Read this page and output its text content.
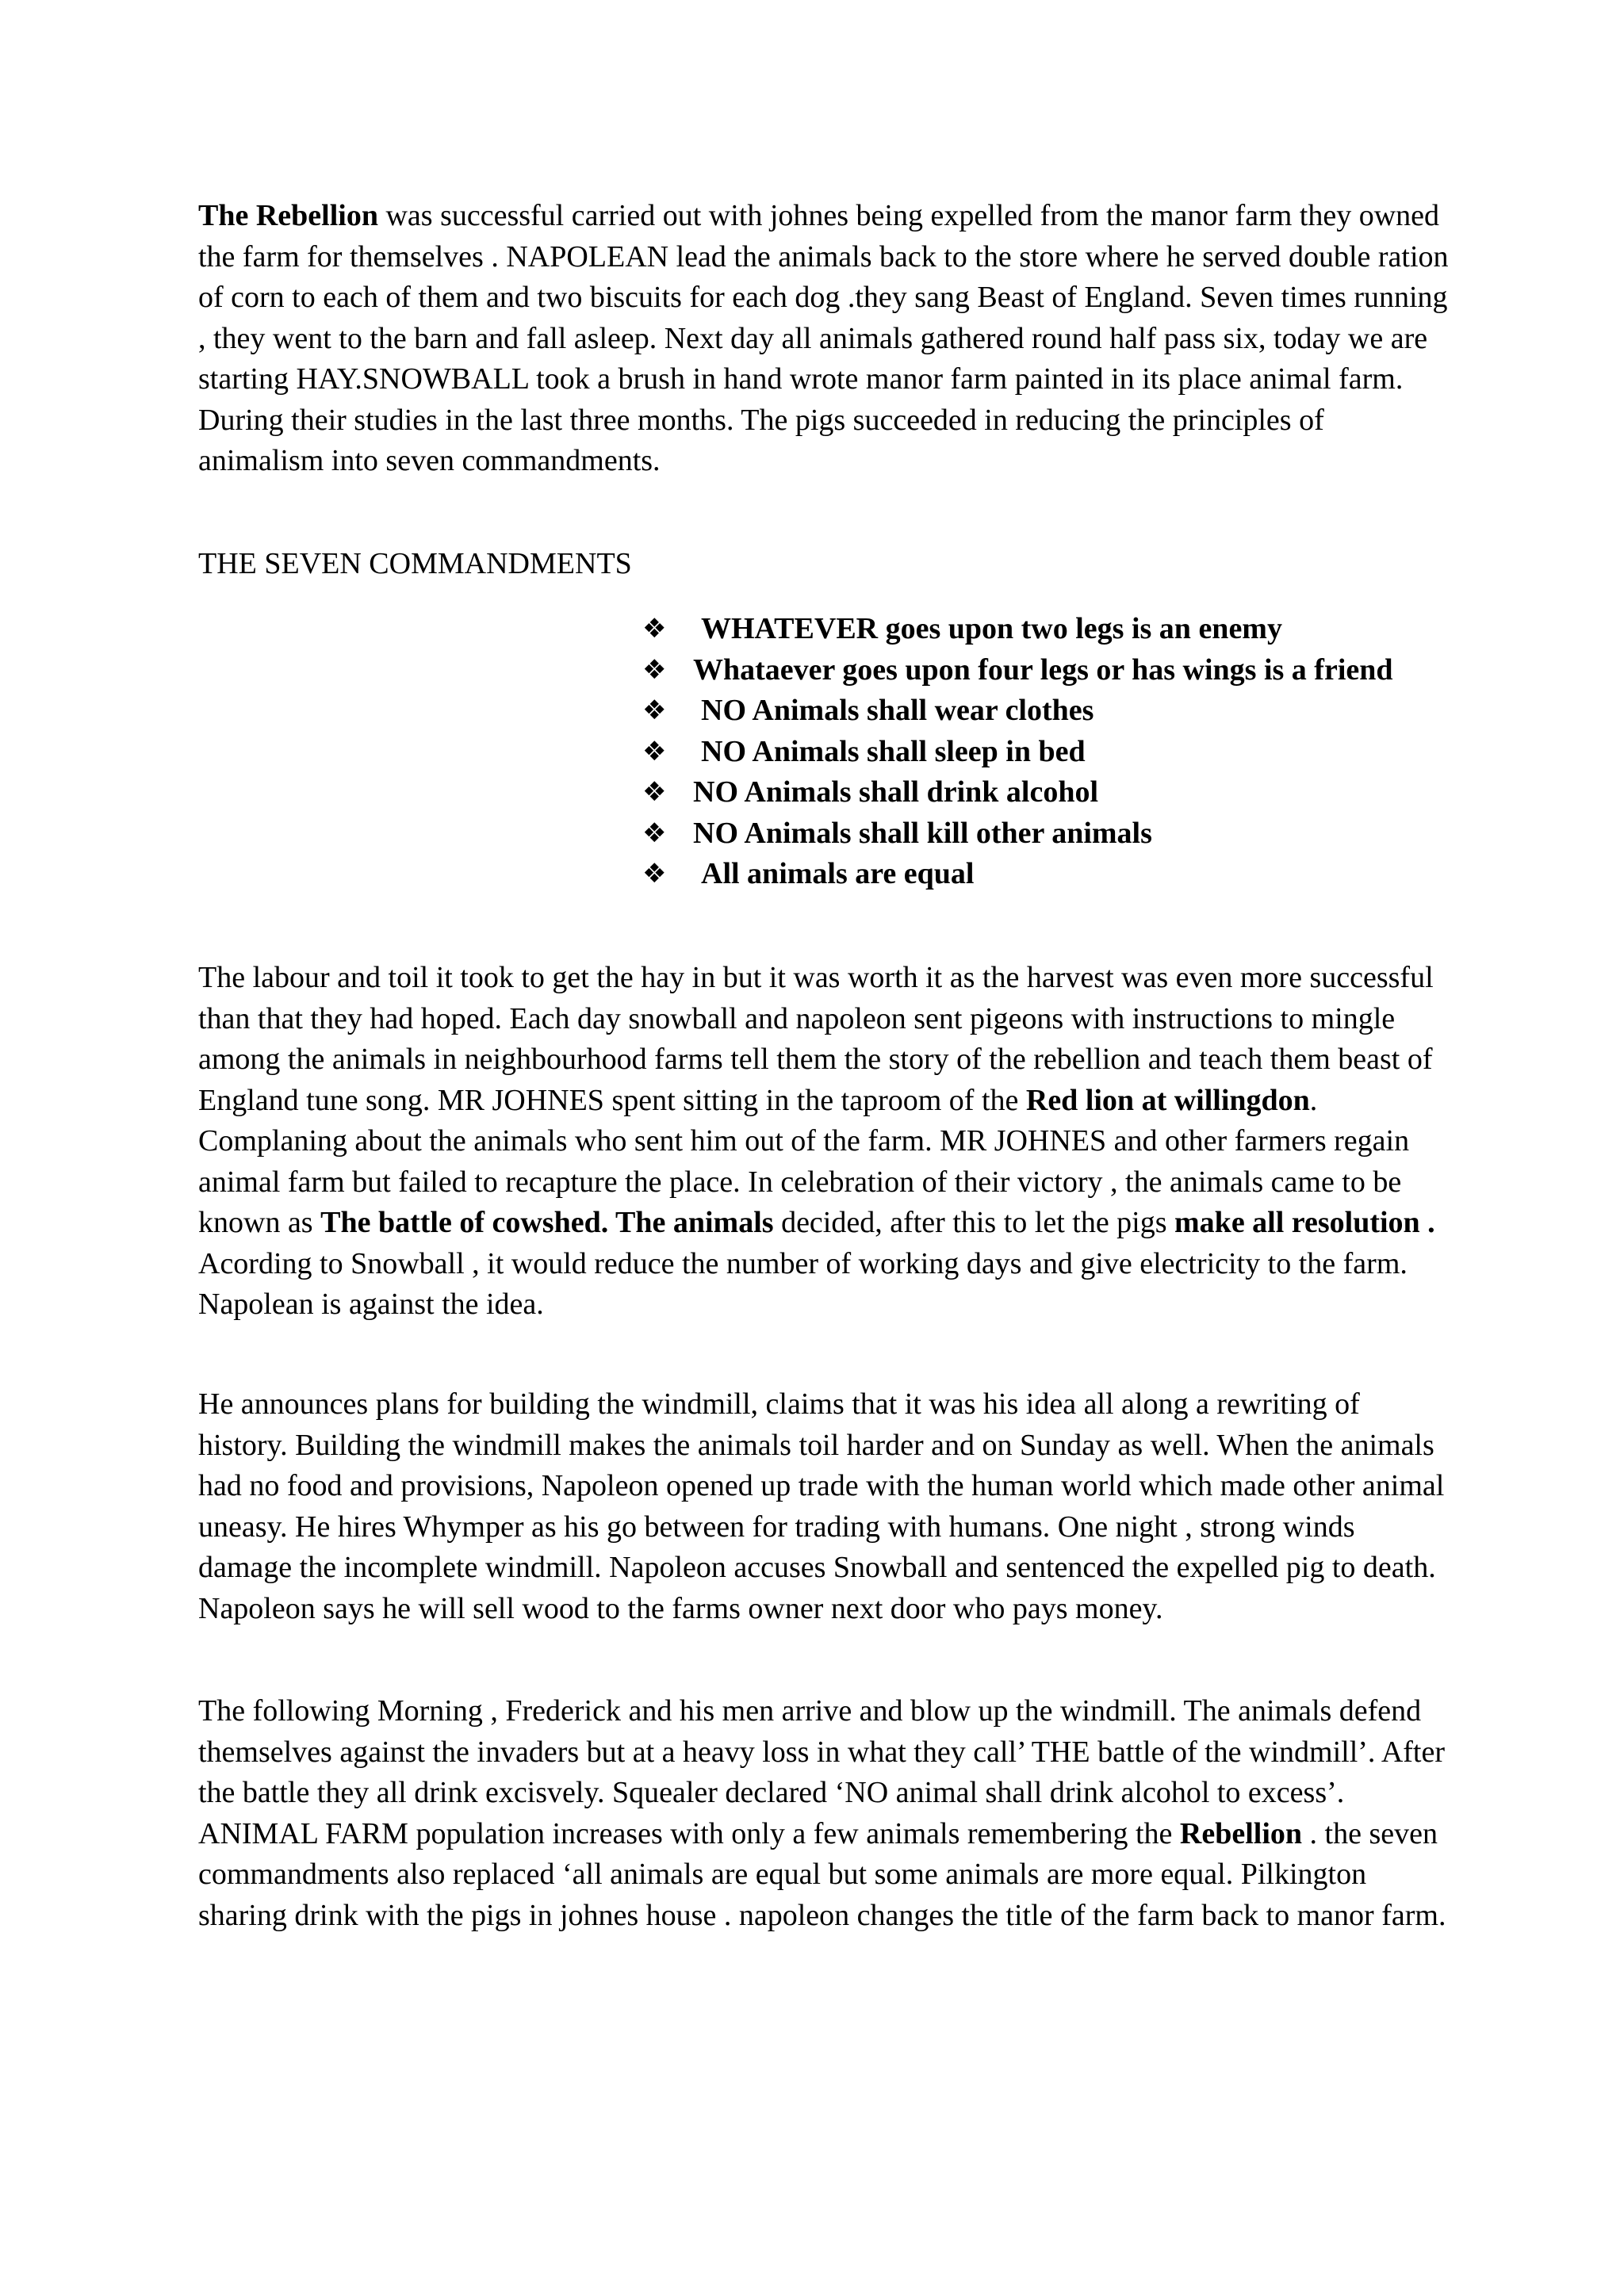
The Rebellion was successful carried out with johnes being expelled from the manor farm they owned the farm for themselves . NAPOLEAN lead the animals back to the store where he served double ration of corn to each of them and two biscuits for each dog .they sang Beast of England. Seven times running , they went to the barn and fall asleep. Next day all animals gathered round half pass six, today we are starting HAY.SNOWBALL took a brush in hand wrote manor farm painted in its place animal farm. During their studies in the last three months. The pigs succeeded in reducing the principles of animalism into seven commandments.

THE SEVEN COMMANDMENTS

❖	WHATEVER goes upon two legs is an enemy
❖ Whataever goes upon four legs or has wings is a friend
❖	NO Animals shall wear clothes
❖	NO Animals shall sleep in bed
❖ NO Animals shall drink alcohol
❖ NO Animals shall kill other animals
❖	All animals are equal

The labour and toil it took to get the hay in but it was worth it as the harvest was even more successful than that they had hoped. Each day snowball and napoleon sent pigeons with instructions to mingle among the animals in neighbourhood farms tell them the story of the rebellion and teach them beast of England tune song. MR JOHNES spent sitting in the taproom of the Red lion at willingdon. Complaning about the animals who sent him out of the farm. MR JOHNES and other farmers regain animal farm but failed to recapture the place. In celebration of their victory , the animals came to be known as The battle of cowshed. The animals decided, after this to let the pigs make all resolution . Acording to Snowball , it would reduce the number of working days and give electricity to the farm. Napolean is against the idea.

He announces plans for building the windmill, claims that it was his idea all along a rewriting of history. Building the windmill makes the animals toil harder and on Sunday as well. When the animals had no food and provisions, Napoleon opened up trade with the human world which made other animal uneasy. He hires Whymper as his go between for trading with humans. One night , strong winds damage the incomplete windmill. Napoleon accuses Snowball and sentenced the expelled pig to death. Napoleon says he will sell wood to the farms owner next door who pays money.

The following Morning , Frederick and his men arrive and blow up the windmill. The animals defend themselves against the invaders but at a heavy loss in what they call’ THE battle of the windmill’. After the battle they all drink excisvely. Squealer declared ‘NO animal shall drink alcohol to excess’. ANIMAL FARM population increases with only a few animals remembering the Rebellion . the seven commandments also replaced ‘all animals are equal but some animals are more equal. Pilkington sharing drink with the pigs in johnes house . napoleon changes the title of the farm back to manor farm.
